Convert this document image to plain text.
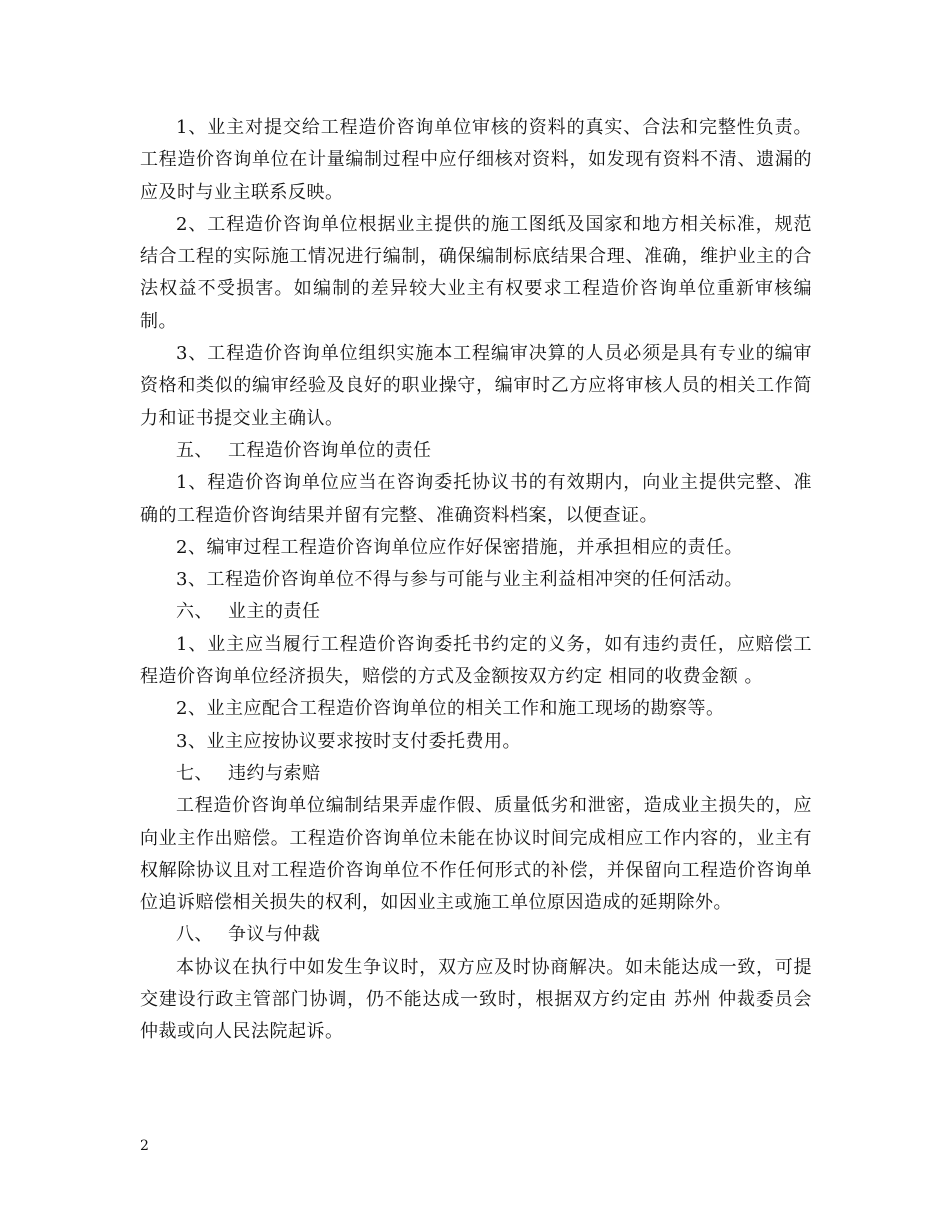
1、业主对提交给工程造价咨询单位审核的资料的真实、合法和完整性负责。工程造价咨询单位在计量编制过程中应仔细核对资料，如发现有资料不清、遗漏的应及时与业主联系反映。

2、工程造价咨询单位根据业主提供的施工图纸及国家和地方相关标准，规范结合工程的实际施工情况进行编制，确保编制标底结果合理、准确，维护业主的合法权益不受损害。如编制的差异较大业主有权要求工程造价咨询单位重新审核编制。

3、工程造价咨询单位组织实施本工程编审决算的人员必须是具有专业的编审资格和类似的编审经验及良好的职业操守，编审时乙方应将审核人员的相关工作简力和证书提交业主确认。

五、 工程造价咨询单位的责任

1、程造价咨询单位应当在咨询委托协议书的有效期内，向业主提供完整、准确的工程造价咨询结果并留有完整、准确资料档案，以便查证。

2、编审过程工程造价咨询单位应作好保密措施，并承担相应的责任。

3、工程造价咨询单位不得与参与可能与业主利益相冲突的任何活动。

六、 业主的责任

1、业主应当履行工程造价咨询委托书约定的义务，如有违约责任，应赔偿工程造价咨询单位经济损失，赔偿的方式及金额按双方约定 相同的收费金额 。

2、业主应配合工程造价咨询单位的相关工作和施工现场的勘察等。

3、业主应按协议要求按时支付委托费用。

七、 违约与索赔

工程造价咨询单位编制结果弄虚作假、质量低劣和泄密，造成业主损失的，应向业主作出赔偿。工程造价咨询单位未能在协议时间完成相应工作内容的，业主有权解除协议且对工程造价咨询单位不作任何形式的补偿，并保留向工程造价咨询单位追诉赔偿相关损失的权利，如因业主或施工单位原因造成的延期除外。

八、 争议与仲裁

本协议在执行中如发生争议时，双方应及时协商解决。如未能达成一致，可提交建设行政主管部门协调，仍不能达成一致时，根据双方约定由 苏州 仲裁委员会仲裁或向人民法院起诉。

2
